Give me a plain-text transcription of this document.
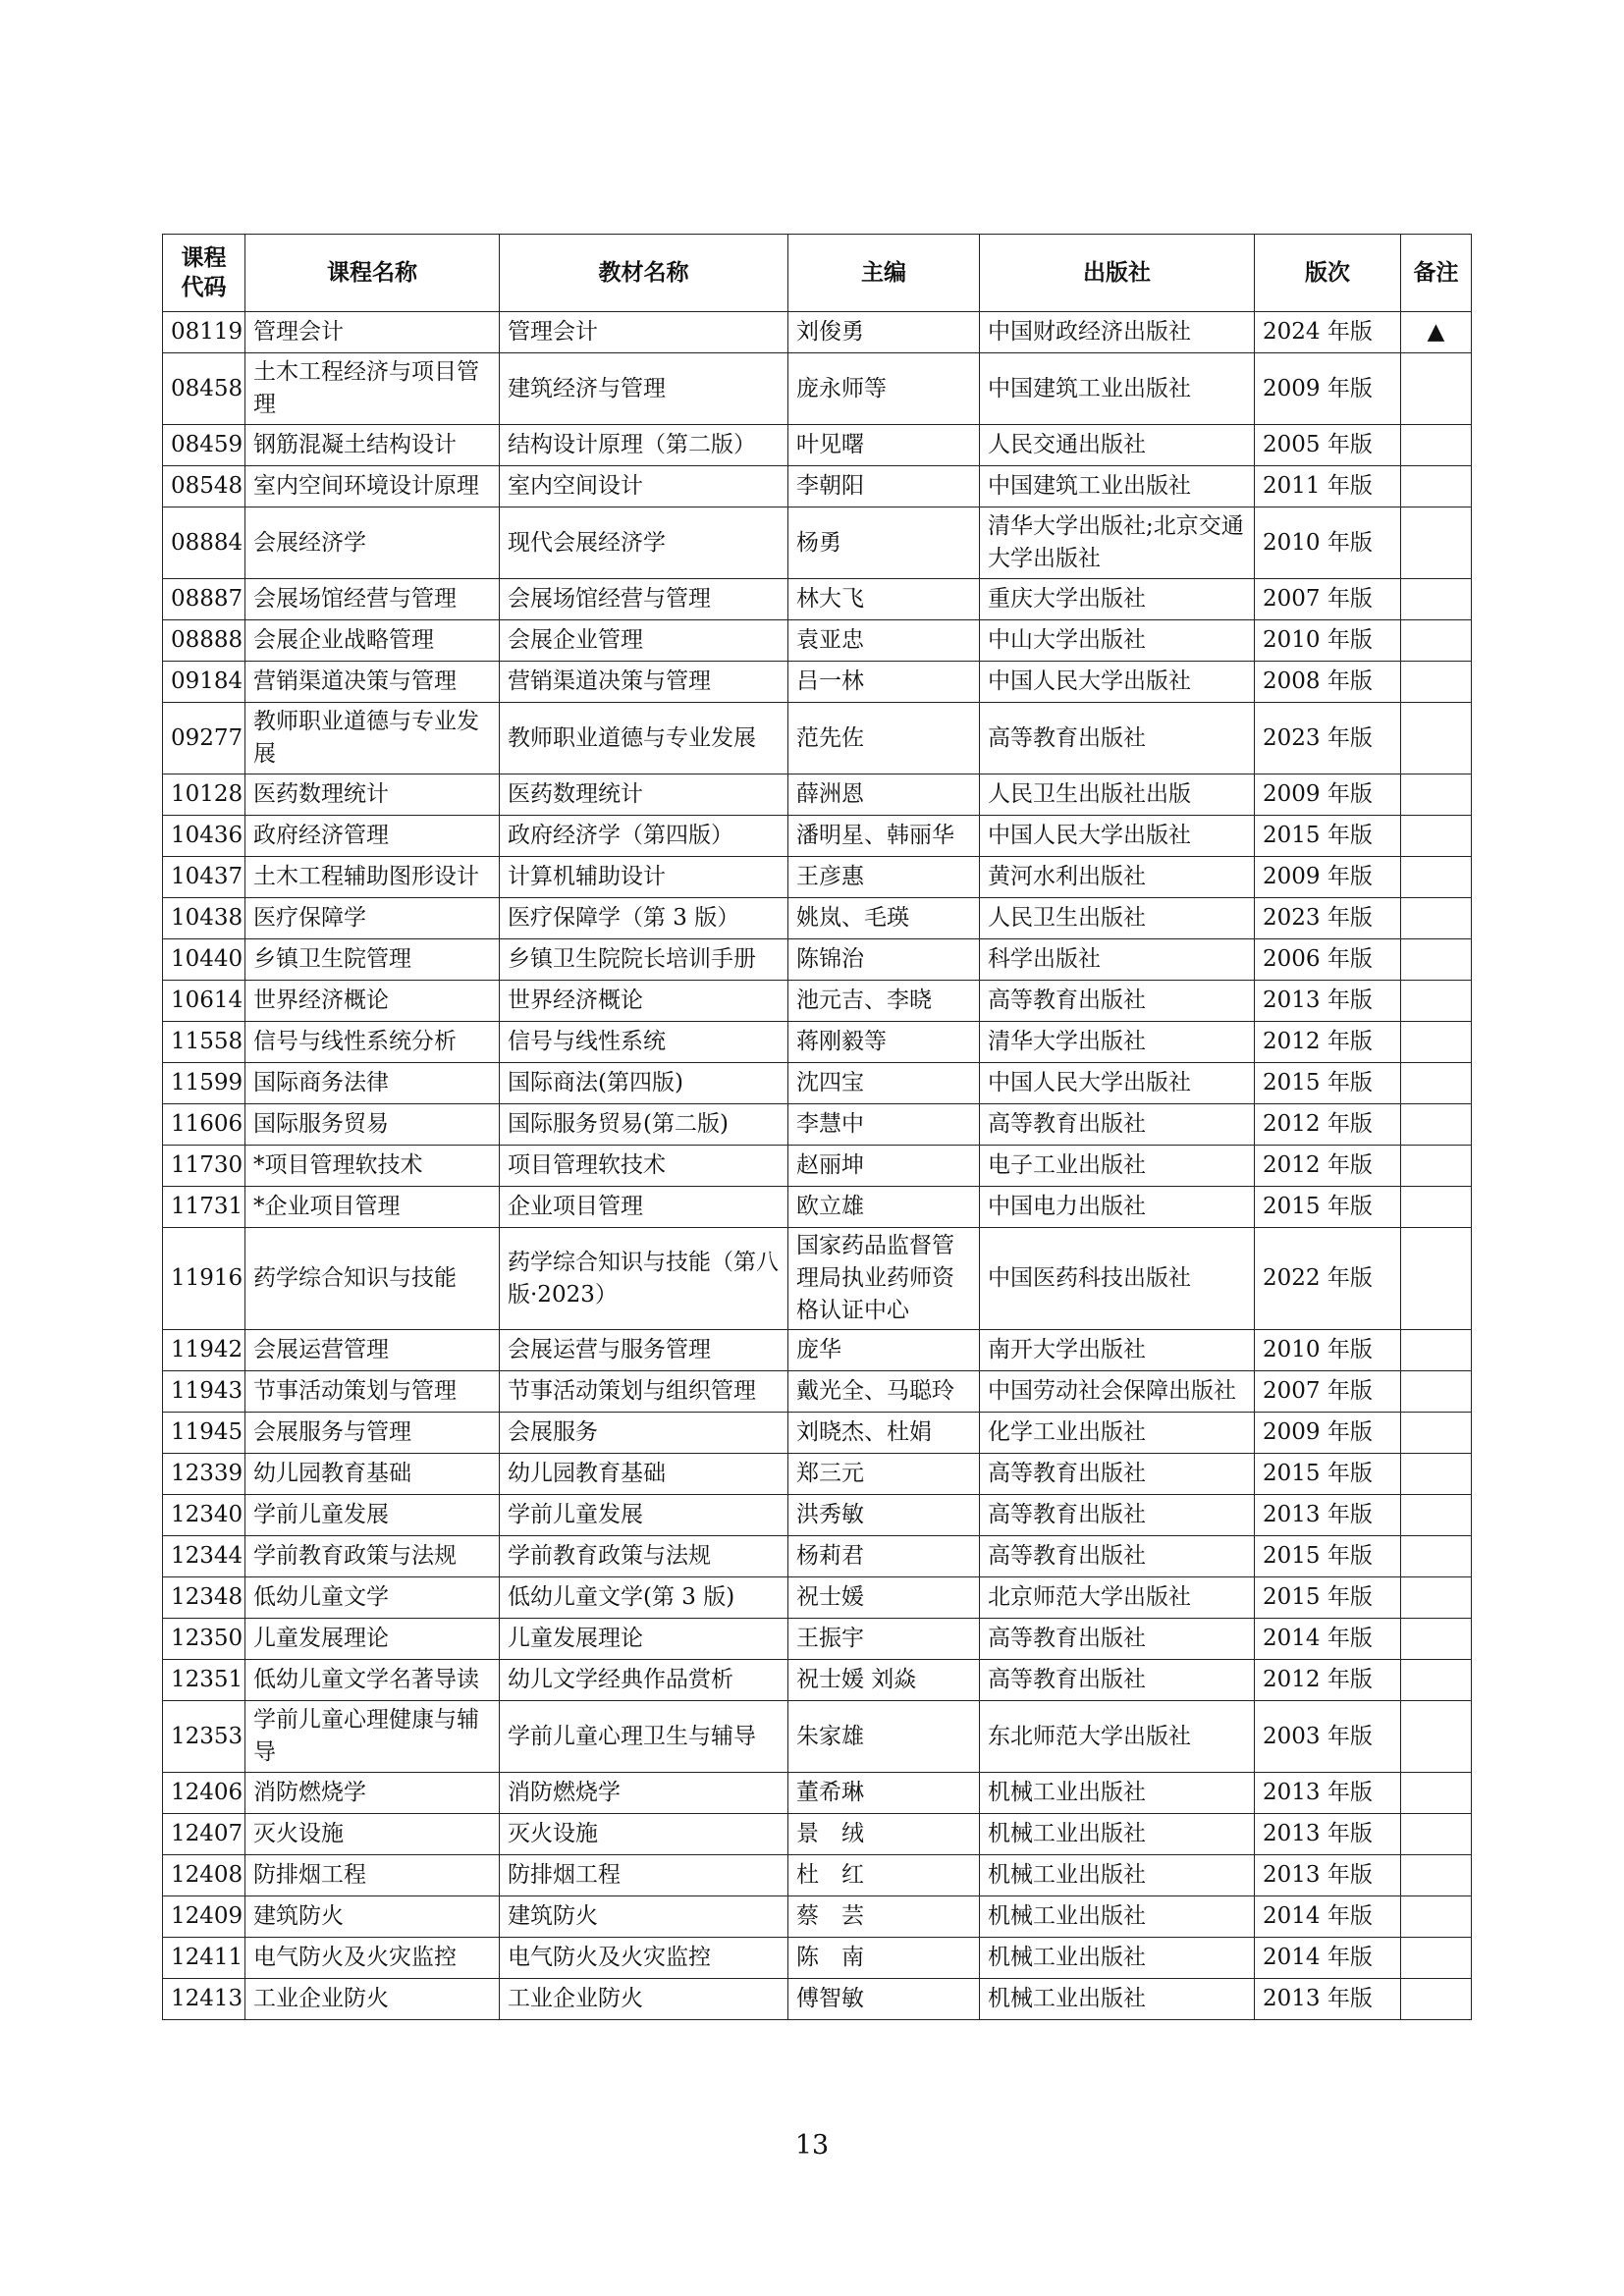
课程代码	课程名称	教材名称	主编	出版社	版次	备注
08119	管理会计	管理会计	刘俊勇	中国财政经济出版社	2024 年版	▲
08458	土木工程经济与项目管理	建筑经济与管理	庞永师等	中国建筑工业出版社	2009 年版	
08459	钢筋混凝土结构设计	结构设计原理（第二版）	叶见曙	人民交通出版社	2005 年版	
08548	室内空间环境设计原理	室内空间设计	李朝阳	中国建筑工业出版社	2011 年版	
08884	会展经济学	现代会展经济学	杨勇	清华大学出版社;北京交通大学出版社	2010 年版	
08887	会展场馆经营与管理	会展场馆经营与管理	林大飞	重庆大学出版社	2007 年版	
08888	会展企业战略管理	会展企业管理	袁亚忠	中山大学出版社	2010 年版	
09184	营销渠道决策与管理	营销渠道决策与管理	吕一林	中国人民大学出版社	2008 年版	
09277	教师职业道德与专业发展	教师职业道德与专业发展	范先佐	高等教育出版社	2023 年版	
10128	医药数理统计	医药数理统计	薛洲恩	人民卫生出版社出版	2009 年版	
10436	政府经济管理	政府经济学（第四版）	潘明星、韩丽华	中国人民大学出版社	2015 年版	
10437	土木工程辅助图形设计	计算机辅助设计	王彦惠	黄河水利出版社	2009 年版	
10438	医疗保障学	医疗保障学（第 3 版）	姚岚、毛瑛	人民卫生出版社	2023 年版	
10440	乡镇卫生院管理	乡镇卫生院院长培训手册	陈锦治	科学出版社	2006 年版	
10614	世界经济概论	世界经济概论	池元吉、李晓	高等教育出版社	2013 年版	
11558	信号与线性系统分析	信号与线性系统	蒋刚毅等	清华大学出版社	2012 年版	
11599	国际商务法律	国际商法(第四版)	沈四宝	中国人民大学出版社	2015 年版	
11606	国际服务贸易	国际服务贸易(第二版)	李慧中	高等教育出版社	2012 年版	
11730	*项目管理软技术	项目管理软技术	赵丽坤	电子工业出版社	2012 年版	
11731	*企业项目管理	企业项目管理	欧立雄	中国电力出版社	2015 年版	
11916	药学综合知识与技能	药学综合知识与技能（第八版·2023）	国家药品监督管理局执业药师资格认证中心	中国医药科技出版社	2022 年版	
11942	会展运营管理	会展运营与服务管理	庞华	南开大学出版社	2010 年版	
11943	节事活动策划与管理	节事活动策划与组织管理	戴光全、马聪玲	中国劳动社会保障出版社	2007 年版	
11945	会展服务与管理	会展服务	刘晓杰、杜娟	化学工业出版社	2009 年版	
12339	幼儿园教育基础	幼儿园教育基础	郑三元	高等教育出版社	2015 年版	
12340	学前儿童发展	学前儿童发展	洪秀敏	高等教育出版社	2013 年版	
12344	学前教育政策与法规	学前教育政策与法规	杨莉君	高等教育出版社	2015 年版	
12348	低幼儿童文学	低幼儿童文学(第 3 版)	祝士媛	北京师范大学出版社	2015 年版	
12350	儿童发展理论	儿童发展理论	王振宇	高等教育出版社	2014 年版	
12351	低幼儿童文学名著导读	幼儿文学经典作品赏析	祝士媛 刘焱	高等教育出版社	2012 年版	
12353	学前儿童心理健康与辅导	学前儿童心理卫生与辅导	朱家雄	东北师范大学出版社	2003 年版	
12406	消防燃烧学	消防燃烧学	董希琳	机械工业出版社	2013 年版	
12407	灭火设施	灭火设施	景　绒	机械工业出版社	2013 年版	
12408	防排烟工程	防排烟工程	杜　红	机械工业出版社	2013 年版	
12409	建筑防火	建筑防火	蔡　芸	机械工业出版社	2014 年版	
12411	电气防火及火灾监控	电气防火及火灾监控	陈　南	机械工业出版社	2014 年版	
12413	工业企业防火	工业企业防火	傅智敏	机械工业出版社	2013 年版	
13
